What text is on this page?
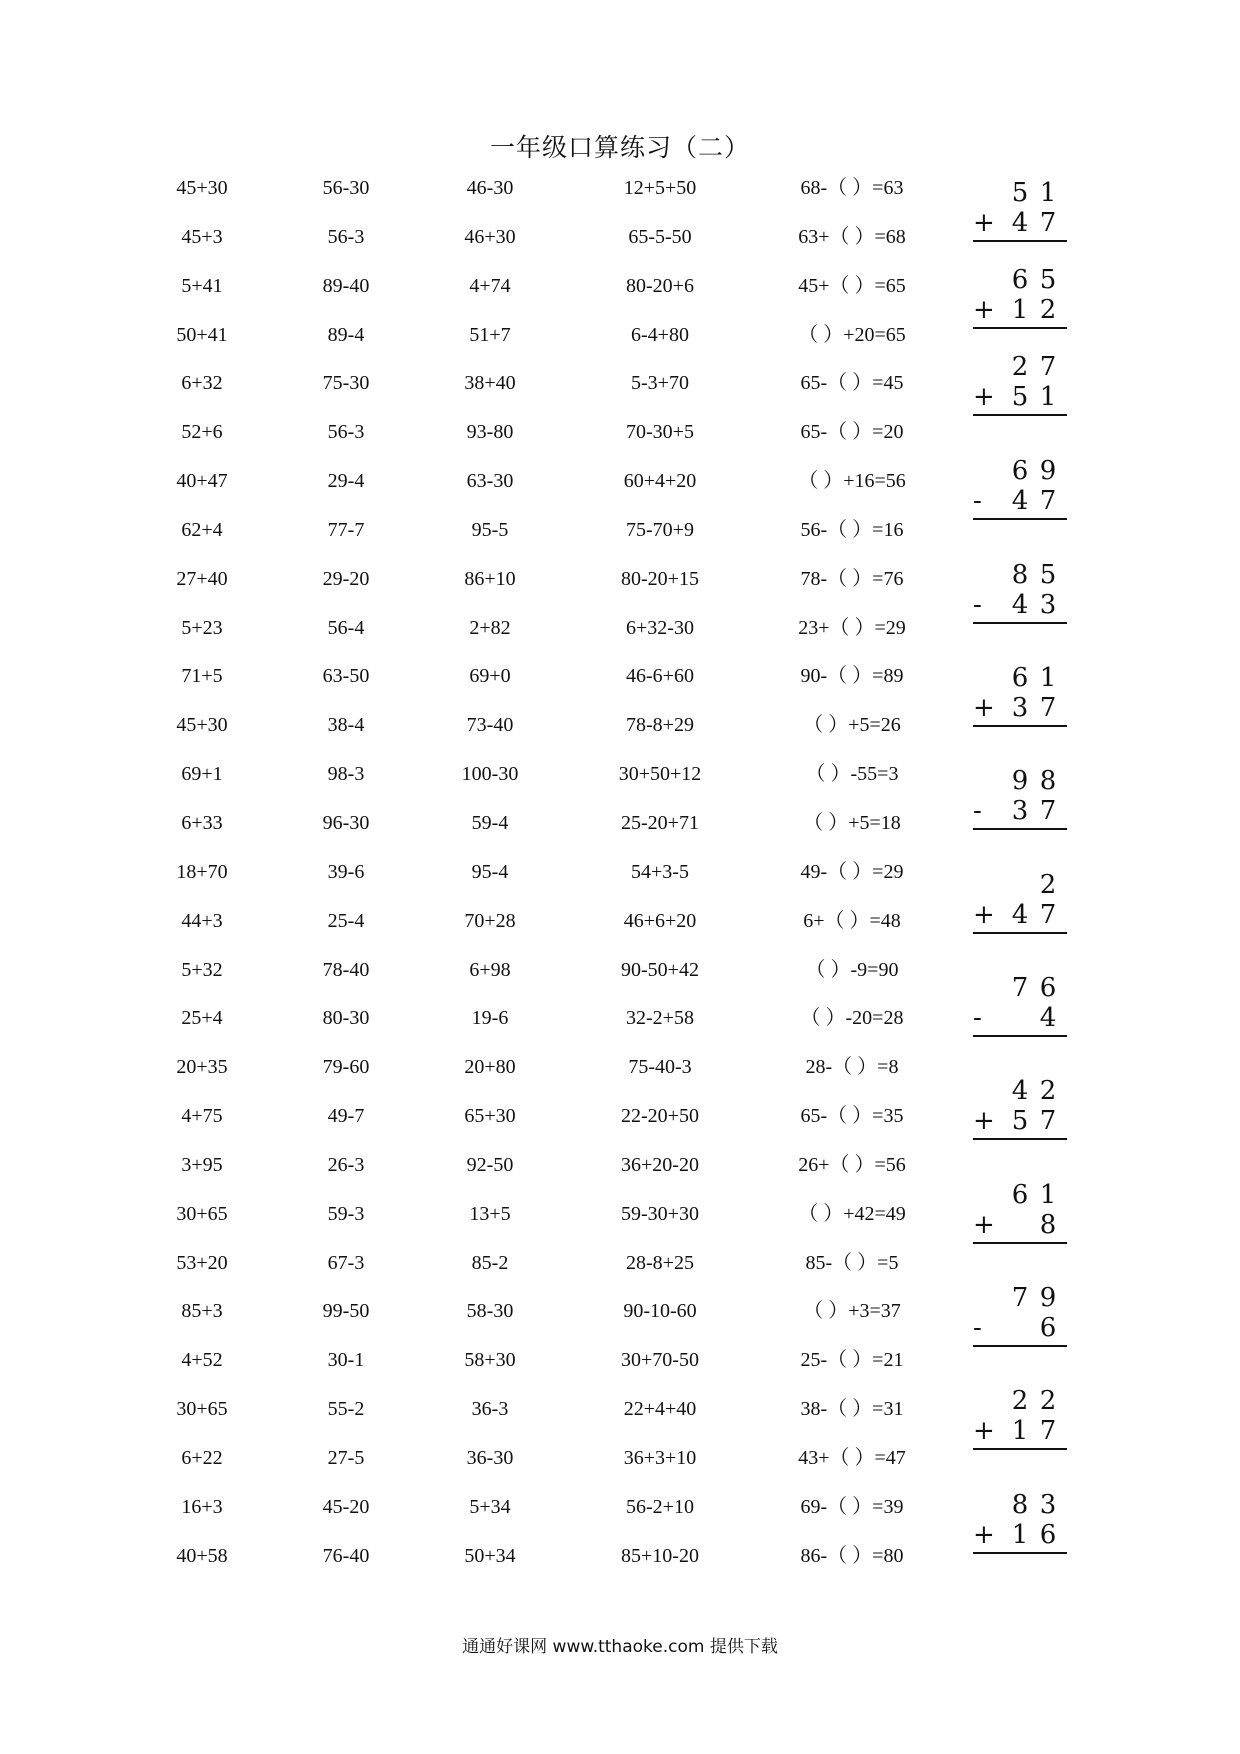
一年级口算练习（二）
45+30	56-30	46-30	12+5+50	68-（ ）=63
45+3	56-3	46+30	65-5-50	63+（ ）=68
5+41	89-40	4+74	80-20+6	45+（ ）=65
50+41	89-4	51+7	6-4+80	（ ）+20=65
6+32	75-30	38+40	5-3+70	65-（ ）=45
52+6	56-3	93-80	70-30+5	65-（ ）=20
40+47	29-4	63-30	60+4+20	（ ）+16=56
62+4	77-7	95-5	75-70+9	56-（ ）=16
27+40	29-20	86+10	80-20+15	78-（ ）=76
5+23	56-4	2+82	6+32-30	23+（ ）=29
71+5	63-50	69+0	46-6+60	90-（ ）=89
45+30	38-4	73-40	78-8+29	（ ）+5=26
69+1	98-3	100-30	30+50+12	（ ）-55=3
6+33	96-30	59-4	25-20+71	（ ）+5=18
18+70	39-6	95-4	54+3-5	49-（ ）=29
44+3	25-4	70+28	46+6+20	6+（ ）=48
5+32	78-40	6+98	90-50+42	（ ）-9=90
25+4	80-30	19-6	32-2+58	（ ）-20=28
20+35	79-60	20+80	75-40-3	28-（ ）=8
4+75	49-7	65+30	22-20+50	65-（ ）=35
3+95	26-3	92-50	36+20-20	26+（ ）=56
30+65	59-3	13+5	59-30+30	（ ）+42=49
53+20	67-3	85-2	28-8+25	85-（ ）=5
85+3	99-50	58-30	90-10-60	（ ）+3=37
4+52	30-1	58+30	30+70-50	25-（ ）=21
30+65	55-2	36-3	22+4+40	38-（ ）=31
6+22	27-5	36-30	36+3+10	43+（ ）=47
16+3	45-20	5+34	56-2+10	69-（ ）=39
40+58	76-40	50+34	85+10-20	86-（ ）=80
5 1
+ 4 7
6 5
+ 1 2
2 7
+ 5 1
6 9
-	4 7
8 5
-	4 3
6 1
+ 3 7
9 8
-	3 7
2
+ 4 7
7 6
-	4
4 2
+ 5 7
6 1
+ 8
7 9
-	6
2 2
+ 1 7
8 3
+ 1 6
通通好课网 www.tthaoke.com 提供下载
